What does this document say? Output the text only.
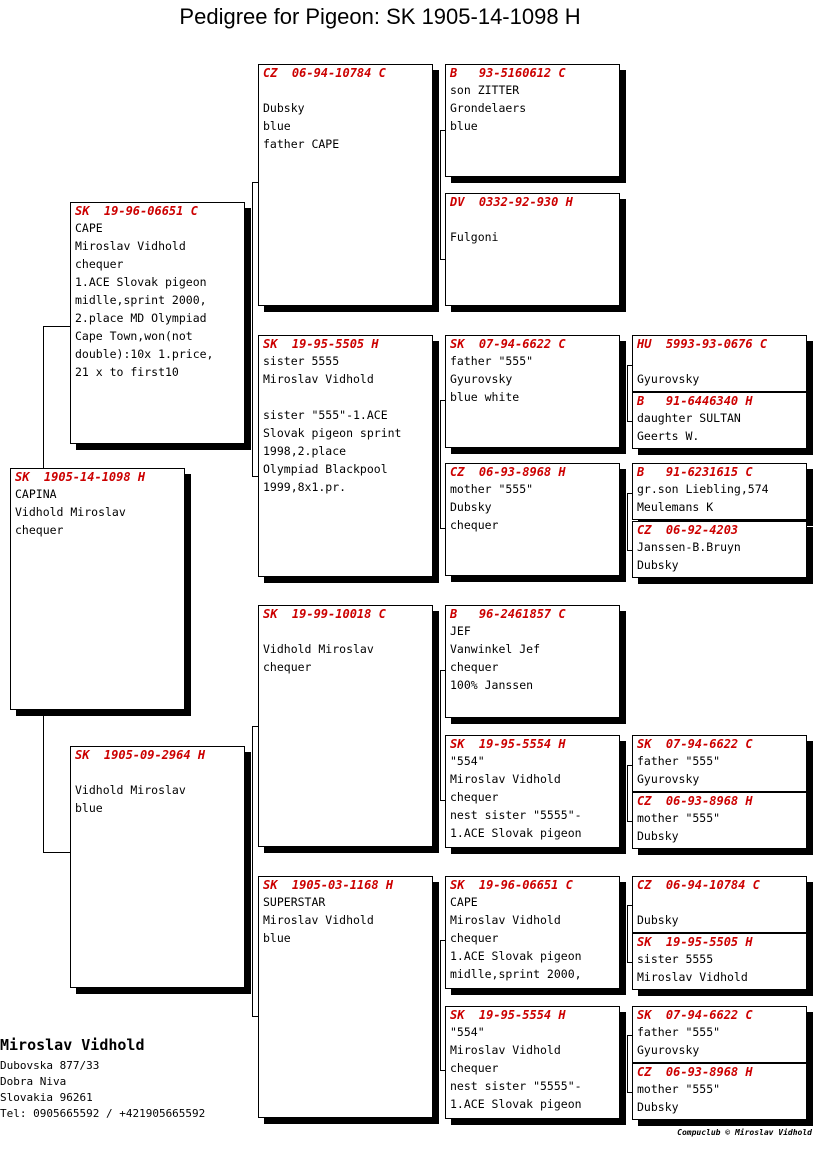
Pedigree for Pigeon: SK 1905-14-1098 H
SK  1905-14-1098 H
CAPINA
Vidhold Miroslav
chequer
SK  19-96-06651 C
CAPE
Miroslav Vidhold
chequer
1.ACE Slovak pigeon
midlle,sprint 2000,
2.place MD Olympiad
Cape Town,won(not
double):10x 1.price,
21 x to first10
SK  1905-09-2964 H

Vidhold Miroslav
blue
CZ  06-94-10784 C

Dubsky
blue
father CAPE
SK  19-95-5505 H
sister 5555
Miroslav Vidhold

sister "555"-1.ACE
Slovak pigeon sprint
1998,2.place
Olympiad Blackpool
1999,8x1.pr.
SK  19-99-10018 C

Vidhold Miroslav
chequer
SK  1905-03-1168 H
SUPERSTAR
Miroslav Vidhold
blue
B   93-5160612 C
son ZITTER
Grondelaers
blue
DV  0332-92-930 H

Fulgoni
SK  07-94-6622 C
father "555"
Gyurovsky
blue white
CZ  06-93-8968 H
mother "555"
Dubsky
chequer
B   96-2461857 C
JEF
Vanwinkel Jef
chequer
100% Janssen
SK  19-95-5554 H
"554"
Miroslav Vidhold
chequer
nest sister "5555"-
1.ACE Slovak pigeon
SK  19-96-06651 C
CAPE
Miroslav Vidhold
chequer
1.ACE Slovak pigeon
midlle,sprint 2000,
SK  19-95-5554 H
"554"
Miroslav Vidhold
chequer
nest sister "5555"-
1.ACE Slovak pigeon
HU  5993-93-0676 C

Gyurovsky
B   91-6446340 H
daughter SULTAN
Geerts W.
B   91-6231615 C
gr.son Liebling,574
Meulemans K
CZ  06-92-4203
Janssen-B.Bruyn
Dubsky
SK  07-94-6622 C
father "555"
Gyurovsky
CZ  06-93-8968 H
mother "555"
Dubsky
CZ  06-94-10784 C

Dubsky
SK  19-95-5505 H
sister 5555
Miroslav Vidhold
SK  07-94-6622 C
father "555"
Gyurovsky
CZ  06-93-8968 H
mother "555"
Dubsky
Miroslav Vidhold
Dubovska 877/33
Dobra Niva
Slovakia 96261
Tel: 0905665592 / +421905665592
Compuclub © Miroslav Vidhold
